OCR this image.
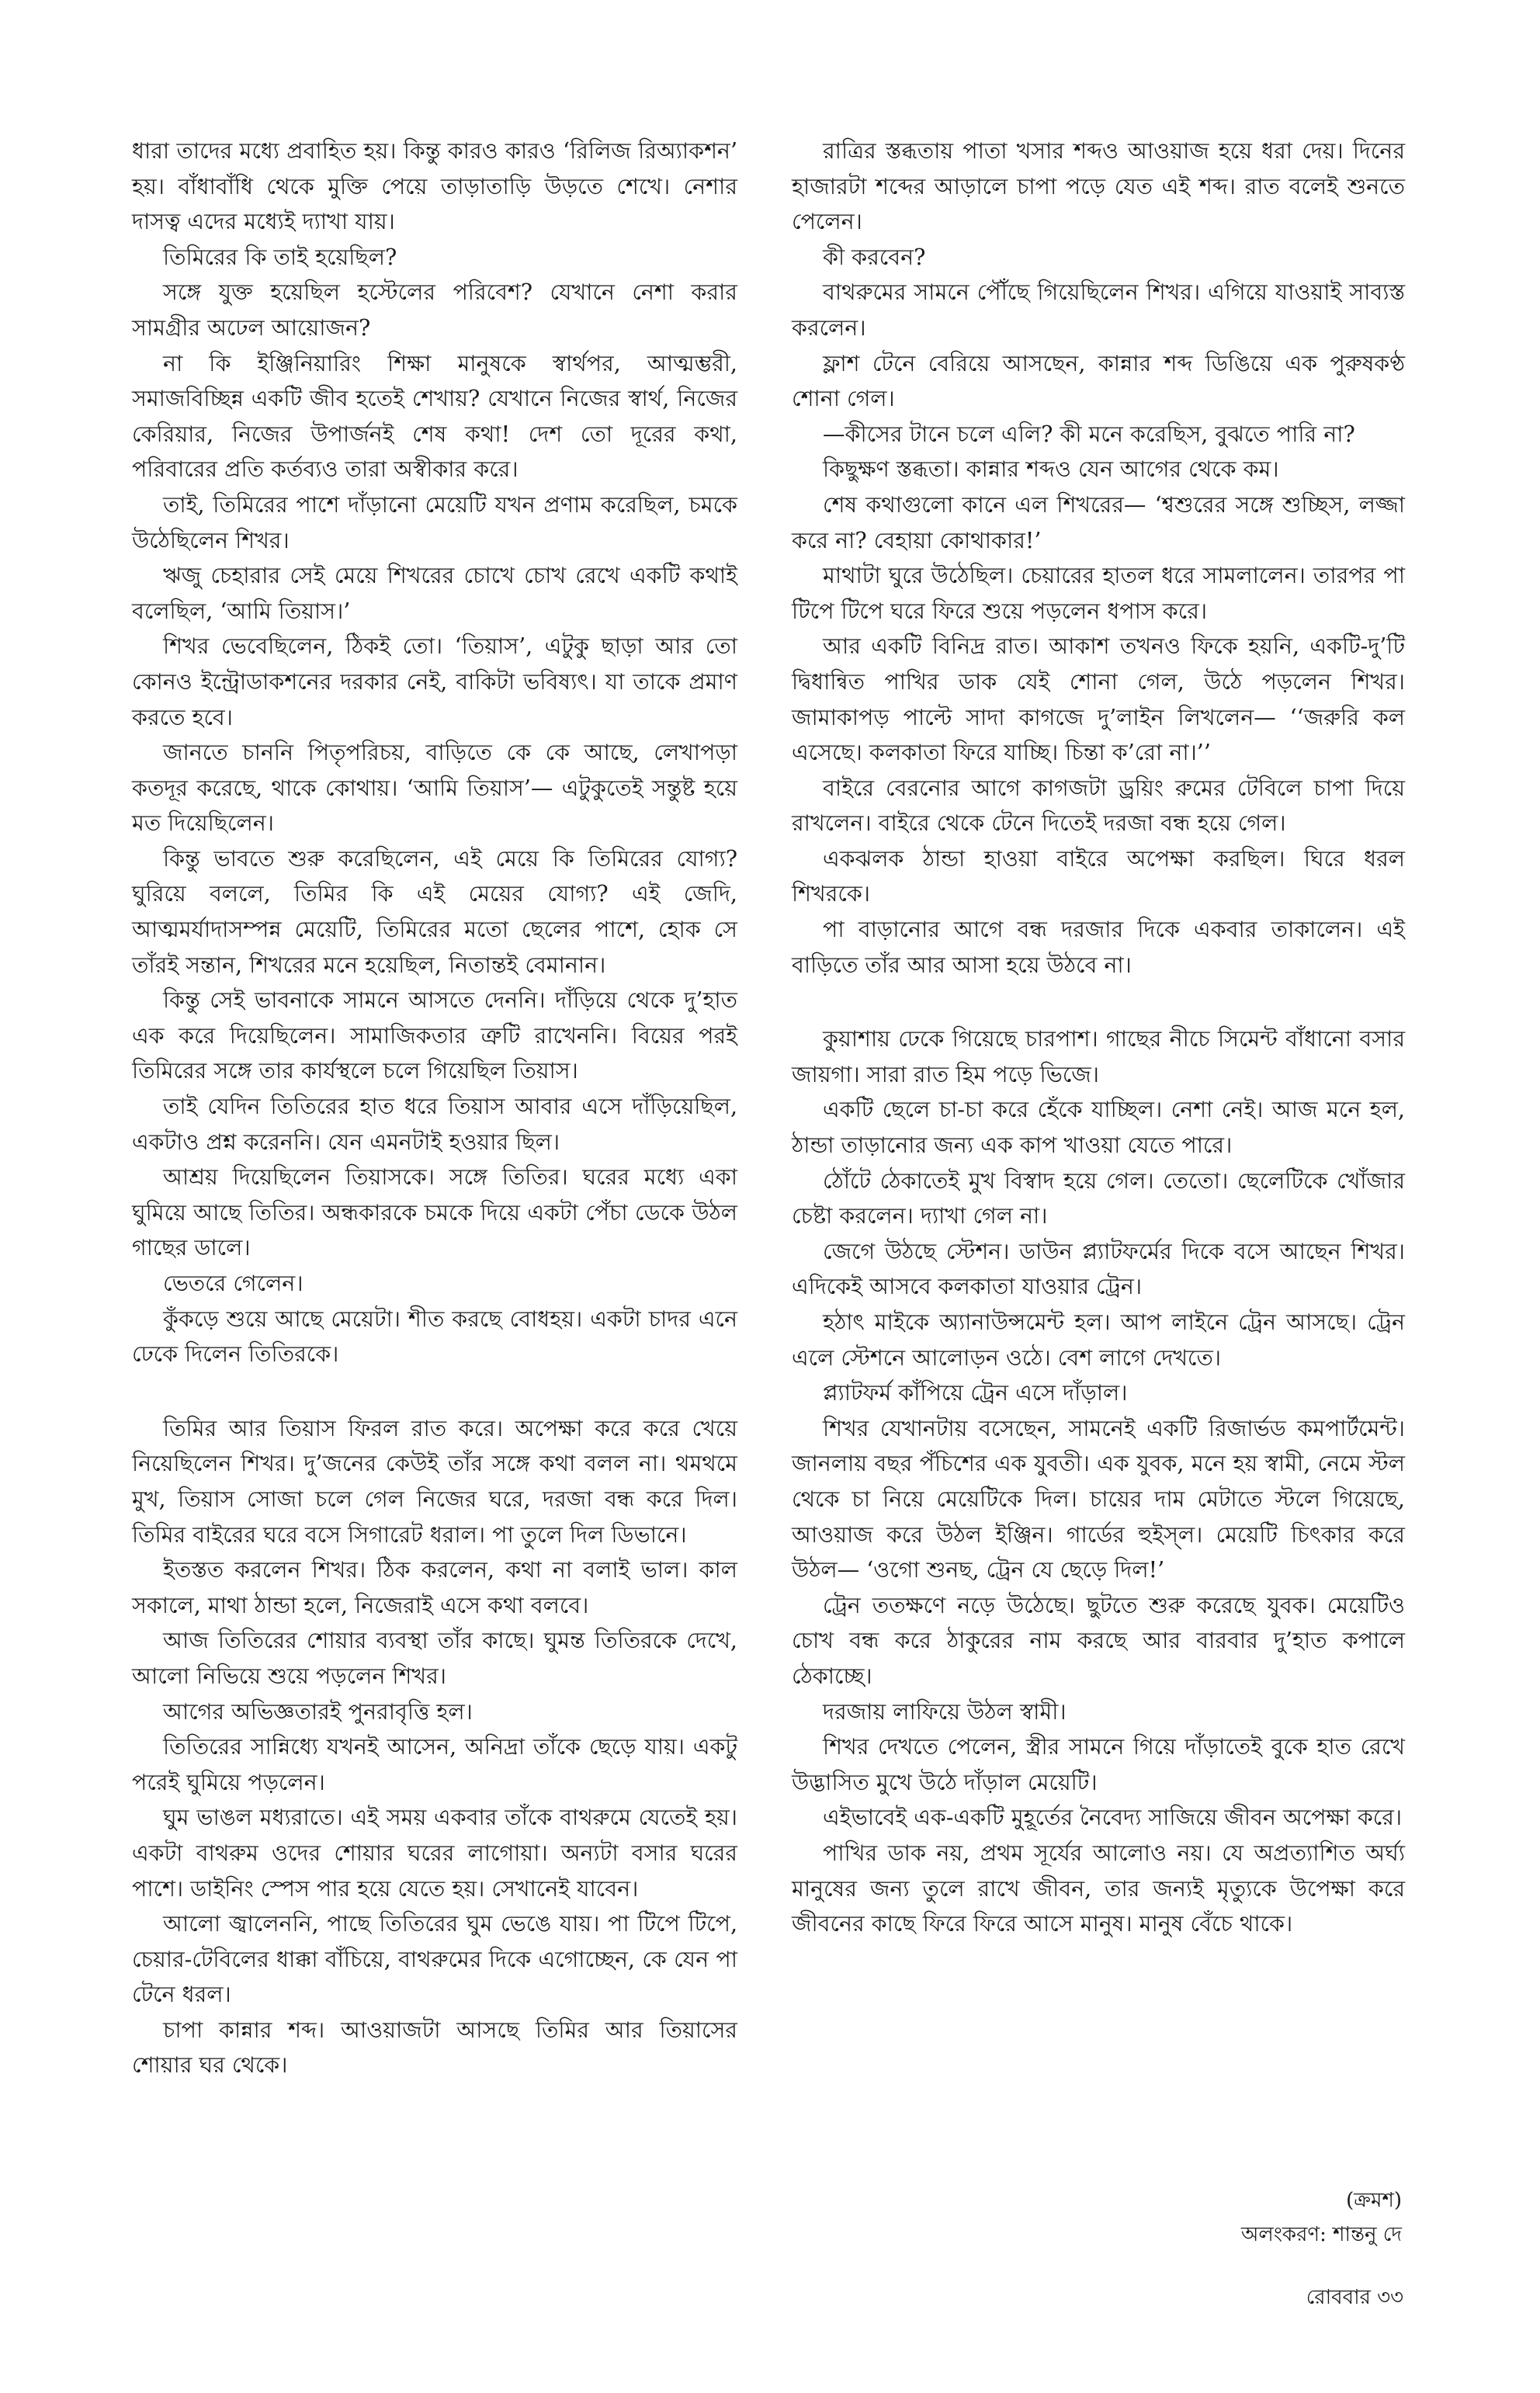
ধারা তাদের মধ্যে প্রবাহিত হয়। কিন্তু কারও কারও ‘রিলিজ রিঅ্যাকশন’ হয়। বাঁধাবাঁধি থেকে মুক্তি পেয়ে তাড়াতাড়ি উড়তে শেখে। নেশার দাসত্ব এদের মধ্যেই দ্যাখা যায়।

তিমিরের কি তাই হয়েছিল?

সঙ্গে যুক্ত হয়েছিল হস্টেলের পরিবেশ? যেখানে নেশা করার সামগ্রীর অঢেল আয়োজন?

না কি ইঞ্জিনিয়ারিং শিক্ষা মানুষকে স্বার্থপর, আত্মম্ভরী, সমাজবিচ্ছিন্ন একটি জীব হতেই শেখায়? যেখানে নিজের স্বার্থ, নিজের কেরিয়ার, নিজের উপার্জনই শেষ কথা! দেশ তো দূরের কথা, পরিবারের প্রতি কর্তব্যও তারা অস্বীকার করে।

তাই, তিমিরের পাশে দাঁড়ানো মেয়েটি যখন প্রণাম করেছিল, চমকে উঠেছিলেন শিখর।

ঋজু চেহারার সেই মেয়ে শিখরের চোখে চোখ রেখে একটি কথাই বলেছিল, ‘আমি তিয়াস।’

শিখর ভেবেছিলেন, ঠিকই তো। ‘তিয়াস’, এটুকু ছাড়া আর তো কোনও ইন্ট্রোডাকশনের দরকার নেই, বাকিটা ভবিষ্যৎ। যা তাকে প্রমাণ করতে হবে।

জানতে চাননি পিতৃপরিচয়, বাড়িতে কে কে আছে, লেখাপড়া কতদূর করেছে, থাকে কোথায়। ‘আমি তিয়াস’— এটুকুতেই সন্তুষ্ট হয়ে মত দিয়েছিলেন।

কিন্তু ভাবতে শুরু করেছিলেন, এই মেয়ে কি তিমিরের যোগ্য? ঘুরিয়ে বললে, তিমির কি এই মেয়ের যোগ্য? এই জেদি, আত্মমর্যাদাসম্পন্ন মেয়েটি, তিমিরের মতো ছেলের পাশে, হোক সে তাঁরই সন্তান, শিখরের মনে হয়েছিল, নিতান্তই বেমানান।

কিন্তু সেই ভাবনাকে সামনে আসতে দেননি। দাঁড়িয়ে থেকে দু’হাত এক করে দিয়েছিলেন। সামাজিকতার ত্রুটি রাখেননি। বিয়ের পরই তিমিরের সঙ্গে তার কার্যস্থলে চলে গিয়েছিল তিয়াস।

তাই যেদিন তিতিরের হাত ধরে তিয়াস আবার এসে দাঁড়িয়েছিল, একটাও প্রশ্ন করেননি। যেন এমনটাই হওয়ার ছিল।

আশ্রয় দিয়েছিলেন তিয়াসকে। সঙ্গে তিতির। ঘরের মধ্যে একা ঘুমিয়ে আছে তিতির। অন্ধকারকে চমকে দিয়ে একটা পেঁচা ডেকে উঠল গাছের ডালে।

ভেতরে গেলেন।

কুঁকড়ে শুয়ে আছে মেয়েটা। শীত করছে বোধহয়। একটা চাদর এনে ঢেকে দিলেন তিতিরকে।

তিমির আর তিয়াস ফিরল রাত করে। অপেক্ষা করে করে খেয়ে নিয়েছিলেন শিখর। দু’জনের কেউই তাঁর সঙ্গে কথা বলল না। থমথমে মুখ, তিয়াস সোজা চলে গেল নিজের ঘরে, দরজা বন্ধ করে দিল। তিমির বাইরের ঘরে বসে সিগারেট ধরাল। পা তুলে দিল ডিভানে।

ইতস্তত করলেন শিখর। ঠিক করলেন, কথা না বলাই ভাল। কাল সকালে, মাথা ঠান্ডা হলে, নিজেরাই এসে কথা বলবে।

আজ তিতিরের শোয়ার ব্যবস্থা তাঁর কাছে। ঘুমন্ত তিতিরকে দেখে, আলো নিভিয়ে শুয়ে পড়লেন শিখর।

আগের অভিজ্ঞতারই পুনরাবৃত্তি হল।

তিতিরের সান্নিধ্যে যখনই আসেন, অনিদ্রা তাঁকে ছেড়ে যায়। একটু পরেই ঘুমিয়ে পড়লেন।

ঘুম ভাঙল মধ্যরাতে। এই সময় একবার তাঁকে বাথরুমে যেতেই হয়। একটা বাথরুম ওদের শোয়ার ঘরের লাগোয়া। অন্যটা বসার ঘরের পাশে। ডাইনিং স্পেস পার হয়ে যেতে হয়। সেখানেই যাবেন।

আলো জ্বালেননি, পাছে তিতিরের ঘুম ভেঙে যায়। পা টিপে টিপে, চেয়ার-টেবিলের ধাক্কা বাঁচিয়ে, বাথরুমের দিকে এগোচ্ছেন, কে যেন পা টেনে ধরল।

চাপা কান্নার শব্দ। আওয়াজটা আসছে তিমির আর তিয়াসের শোয়ার ঘর থেকে।

রাত্রির স্তব্ধতায় পাতা খসার শব্দও আওয়াজ হয়ে ধরা দেয়। দিনের হাজারটা শব্দের আড়ালে চাপা পড়ে যেত এই শব্দ। রাত বলেই শুনতে পেলেন।

কী করবেন?

বাথরুমের সামনে পৌঁছে গিয়েছিলেন শিখর। এগিয়ে যাওয়াই সাব্যস্ত করলেন।

ফ্লাশ টেনে বেরিয়ে আসছেন, কান্নার শব্দ ডিঙিয়ে এক পুরুষকণ্ঠ শোনা গেল।

—কীসের টানে চলে এলি? কী মনে করেছিস, বুঝতে পারি না?

কিছুক্ষণ স্তব্ধতা। কান্নার শব্দও যেন আগের থেকে কম।

শেষ কথাগুলো কানে এল শিখরের— ‘শ্বশুরের সঙ্গে শুচ্ছিস, লজ্জা করে না? বেহায়া কোথাকার!’

মাথাটা ঘুরে উঠেছিল। চেয়ারের হাতল ধরে সামলালেন। তারপর পা টিপে টিপে ঘরে ফিরে শুয়ে পড়লেন ধপাস করে।

আর একটি বিনিদ্র রাত। আকাশ তখনও ফিকে হয়নি, একটি-দু’টি দ্বিধান্বিত পাখির ডাক যেই শোনা গেল, উঠে পড়লেন শিখর। জামাকাপড় পাল্টে সাদা কাগজে দু’লাইন লিখলেন— ‘‘জরুরি কল এসেছে। কলকাতা ফিরে যাচ্ছি। চিন্তা ক’রো না।’’

বাইরে বেরনোর আগে কাগজটা ড্রয়িং রুমের টেবিলে চাপা দিয়ে রাখলেন। বাইরে থেকে টেনে দিতেই দরজা বন্ধ হয়ে গেল।

একঝলক ঠান্ডা হাওয়া বাইরে অপেক্ষা করছিল। ঘিরে ধরল শিখরকে।

পা বাড়ানোর আগে বন্ধ দরজার দিকে একবার তাকালেন। এই বাড়িতে তাঁর আর আসা হয়ে উঠবে না।

কুয়াশায় ঢেকে গিয়েছে চারপাশ। গাছের নীচে সিমেন্ট বাঁধানো বসার জায়গা। সারা রাত হিম পড়ে ভিজে।

একটি ছেলে চা-চা করে হেঁকে যাচ্ছিল। নেশা নেই। আজ মনে হল, ঠান্ডা তাড়ানোর জন্য এক কাপ খাওয়া যেতে পারে।

ঠোঁটে ঠেকাতেই মুখ বিস্বাদ হয়ে গেল। তেতো। ছেলেটিকে খোঁজার চেষ্টা করলেন। দ্যাখা গেল না।

জেগে উঠছে স্টেশন। ডাউন প্ল্যাটফর্মের দিকে বসে আছেন শিখর। এদিকেই আসবে কলকাতা যাওয়ার ট্রেন।

হঠাৎ মাইকে অ্যানাউন্সমেন্ট হল। আপ লাইনে ট্রেন আসছে। ট্রেন এলে স্টেশনে আলোড়ন ওঠে। বেশ লাগে দেখতে।

প্ল্যাটফর্ম কাঁপিয়ে ট্রেন এসে দাঁড়াল।

শিখর যেখানটায় বসেছেন, সামনেই একটি রিজার্ভড কমপার্টমেন্ট। জানলায় বছর পঁচিশের এক যুবতী। এক যুবক, মনে হয় স্বামী, নেমে স্টল থেকে চা নিয়ে মেয়েটিকে দিল। চায়ের দাম মেটাতে স্টলে গিয়েছে, আওয়াজ করে উঠল ইঞ্জিন। গার্ডের হুইস্‌ল। মেয়েটি চিৎকার করে উঠল— ‘ওগো শুনছ, ট্রেন যে ছেড়ে দিল!’

ট্রেন ততক্ষণে নড়ে উঠেছে। ছুটতে শুরু করেছে যুবক। মেয়েটিও চোখ বন্ধ করে ঠাকুরের নাম করছে আর বারবার দু’হাত কপালে ঠেকাচ্ছে।

দরজায় লাফিয়ে উঠল স্বামী।

শিখর দেখতে পেলেন, স্ত্রীর সামনে গিয়ে দাঁড়াতেই বুকে হাত রেখে উদ্ভাসিত মুখে উঠে দাঁড়াল মেয়েটি।

এইভাবেই এক-একটি মুহূর্তের নৈবেদ্য সাজিয়ে জীবন অপেক্ষা করে।

পাখির ডাক নয়, প্রথম সূর্যের আলোও নয়। যে অপ্রত্যাশিত অর্ঘ্য মানুষের জন্য তুলে রাখে জীবন, তার জন্যই মৃত্যুকে উপেক্ষা করে জীবনের কাছে ফিরে ফিরে আসে মানুষ। মানুষ বেঁচে থাকে।

(ক্রমশ)
অলংকরণ: শান্তনু দে
রোববার ৩৩
